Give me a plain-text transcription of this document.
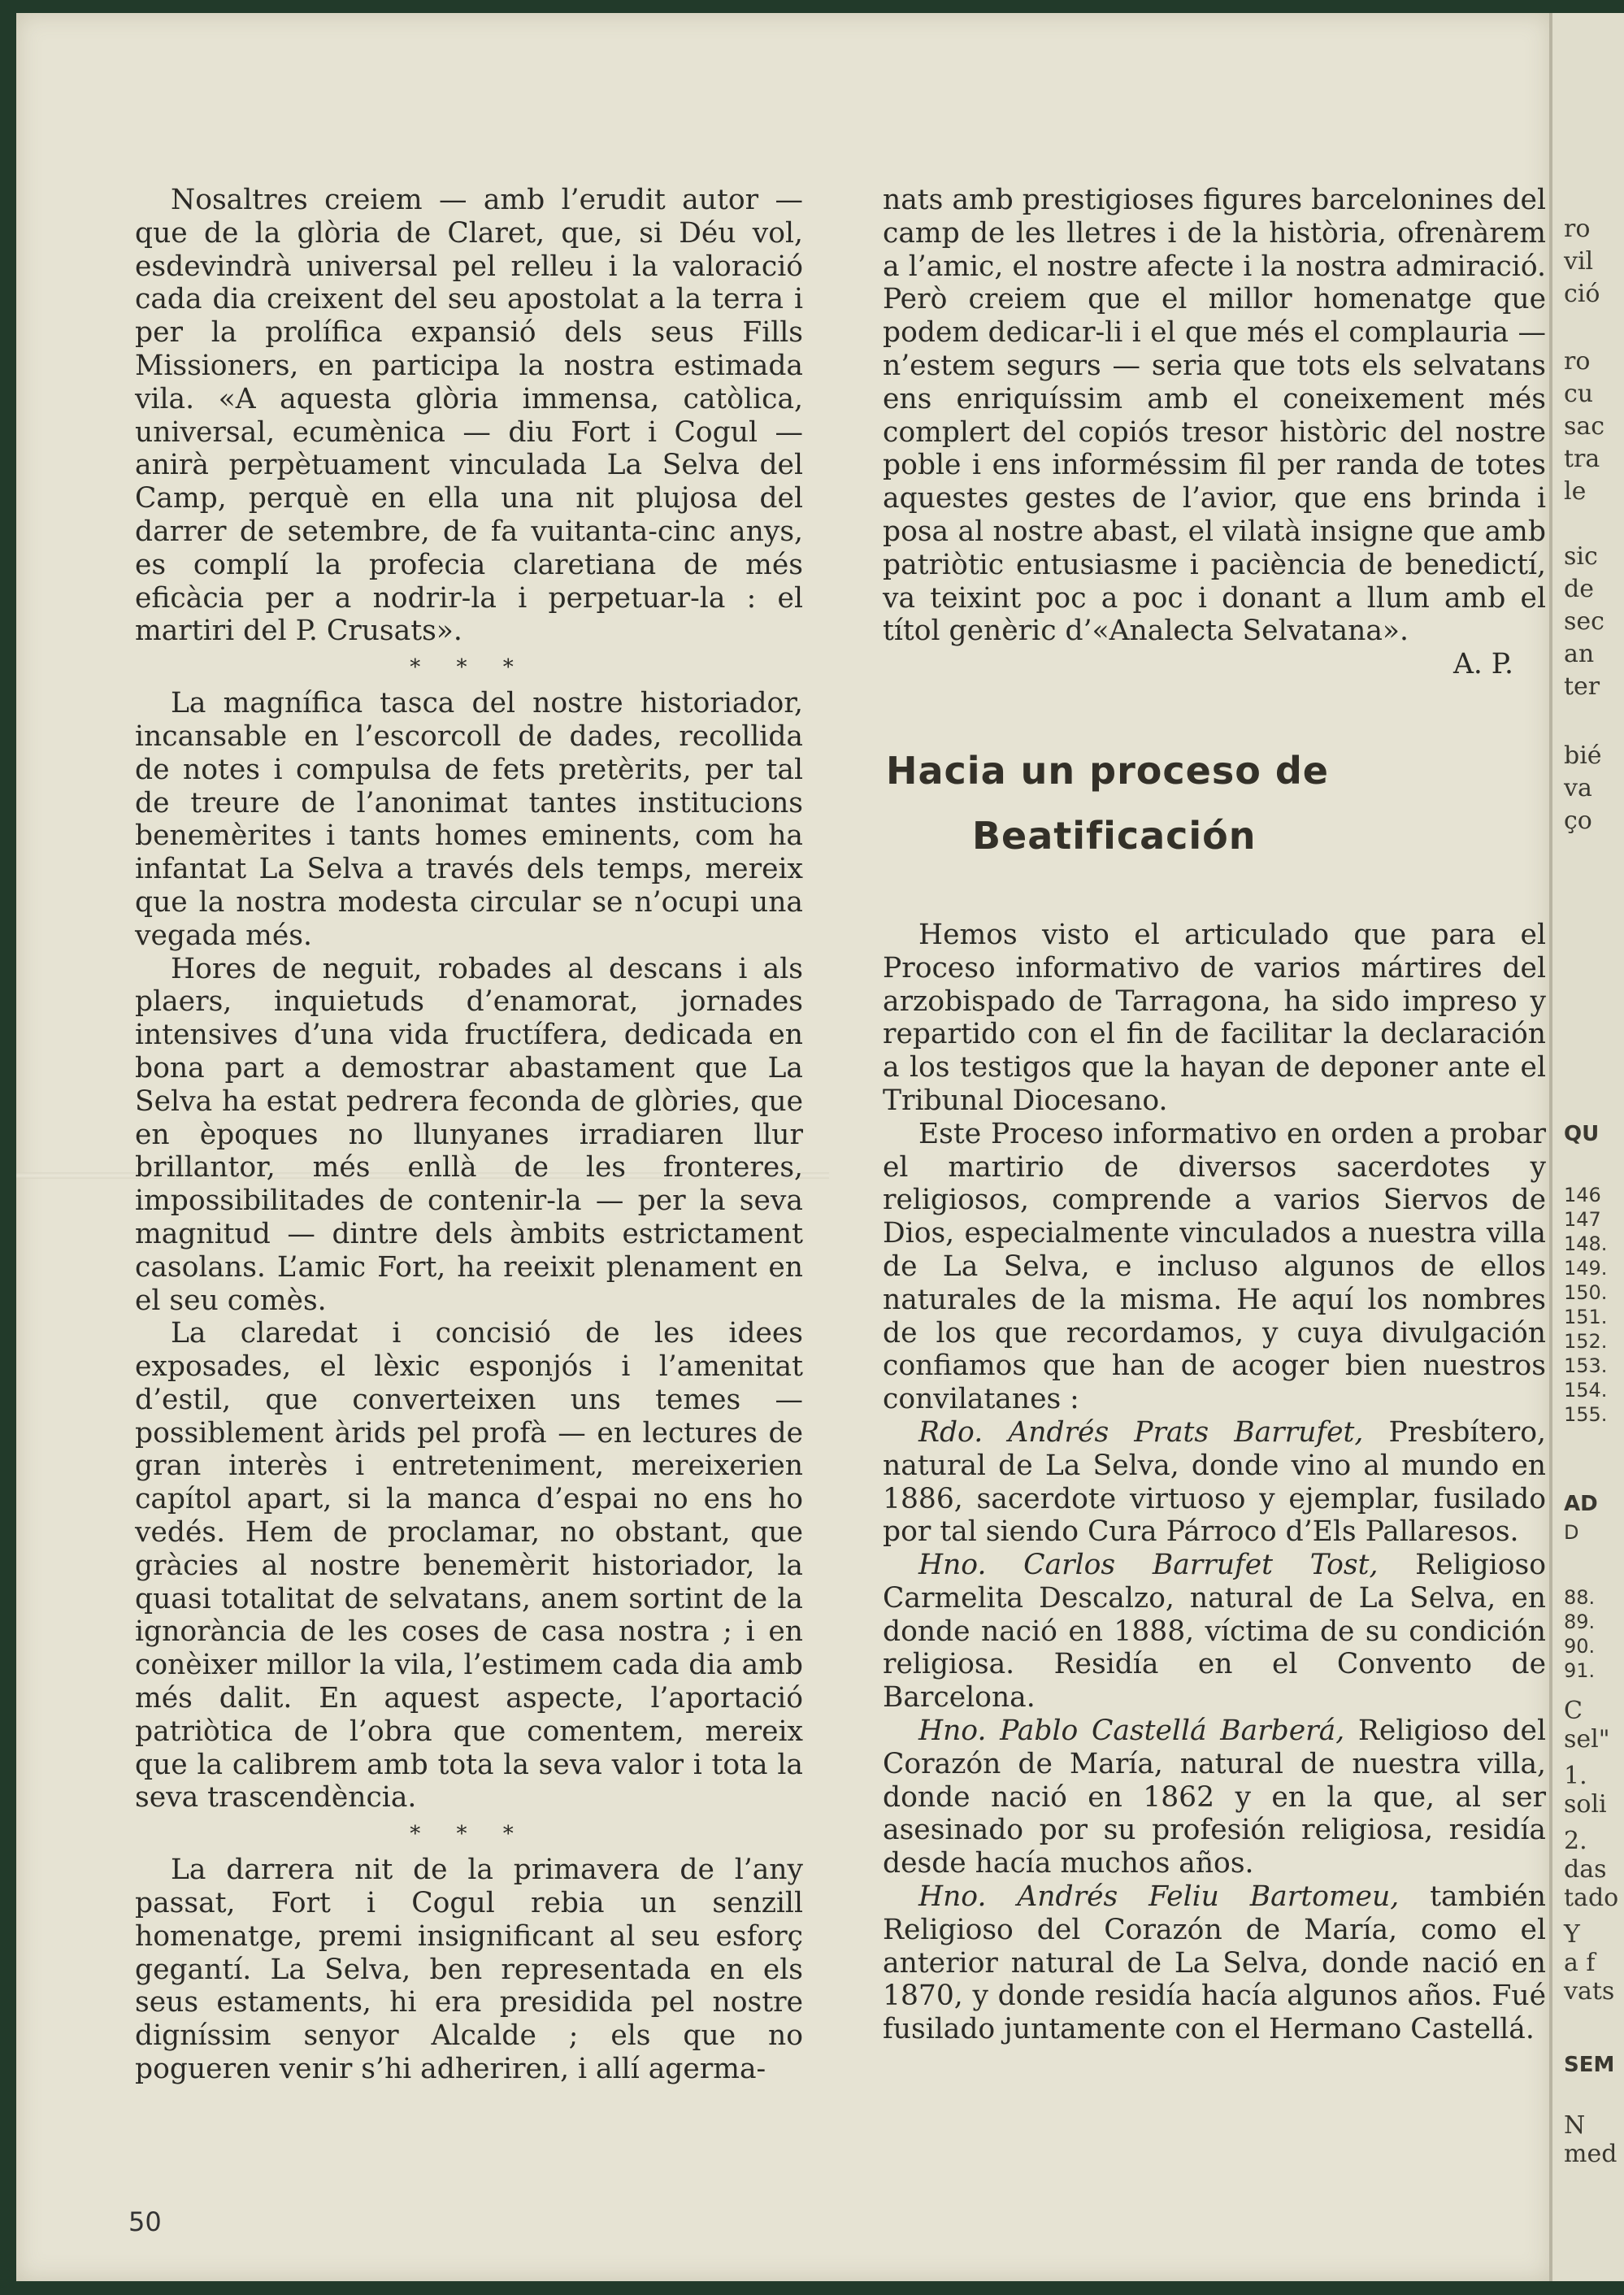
Nosaltres creiem — amb l’erudit autor — que de la glòria de Claret, que, si Déu vol, esdevindrà universal pel relleu i la valoració cada dia creixent del seu apostolat a la terra i per la prolífica expansió dels seus Fills Missioners, en participa la nostra estimada vila. «A aquesta glòria immensa, catòlica, universal, ecumènica — diu Fort i Cogul — anirà perpètuament vinculada La Selva del Camp, perquè en ella una nit plujosa del darrer de setembre, de fa vuitanta-cinc anys, es complí la profecia claretiana de més eficàcia per a nodrir-la i perpetuar-la : el martiri del P. Crusats».

* * *

La magnífica tasca del nostre historiador, incansable en l’escorcoll de dades, recollida de notes i compulsa de fets pretèrits, per tal de treure de l’anonimat tantes institucions benemèrites i tants homes eminents, com ha infantat La Selva a través dels temps, mereix que la nostra modesta circular se n’ocupi una vegada més.

Hores de neguit, robades al descans i als plaers, inquietuds d’enamorat, jornades intensives d’una vida fructífera, dedicada en bona part a demostrar abastament que La Selva ha estat pedrera feconda de glòries, que en èpoques no llunyanes irradiaren llur brillantor, més enllà de les fronteres, impossibilitades de contenir-la — per la seva magnitud — dintre dels àmbits estrictament casolans. L’amic Fort, ha reeixit plenament en el seu comès.

La claredat i concisió de les idees exposades, el lèxic esponjós i l’amenitat d’estil, que converteixen uns temes — possiblement àrids pel profà — en lectures de gran interès i entreteniment, mereixerien capítol apart, si la manca d’espai no ens ho vedés. Hem de proclamar, no obstant, que gràcies al nostre benemèrit historiador, la quasi totalitat de selvatans, anem sortint de la ignorància de les coses de casa nostra ; i en conèixer millor la vila, l’estimem cada dia amb més dalit. En aquest aspecte, l’aportació patriòtica de l’obra que comentem, mereix que la calibrem amb tota la seva valor i tota la seva trascendència.

* * *

La darrera nit de la primavera de l’any passat, Fort i Cogul rebia un senzill homenatge, premi insignificant al seu esforç gegantí. La Selva, ben representada en els seus estaments, hi era presidida pel nostre digníssim senyor Alcalde ; els que no pogueren venir s’hi adheriren, i allí agerma-

nats amb prestigioses figures barcelonines del camp de les lletres i de la història, ofrenàrem a l’amic, el nostre afecte i la nostra admiració. Però creiem que el millor homenatge que podem dedicar-li i el que més el complauria — n’estem segurs — seria que tots els selvatans ens enriquíssim amb el coneixement més complert del copiós tresor històric del nostre poble i ens informéssim fil per randa de totes aquestes gestes de l’avior, que ens brinda i posa al nostre abast, el vilatà insigne que amb patriòtic entusiasme i paciència de benedictí, va teixint poc a poc i donant a llum amb el títol genèric d’«Analecta Selvatana».

A. P.
Hacia un proceso de
Beatificación

Hemos visto el articulado que para el Proceso informativo de varios mártires del arzobispado de Tarragona, ha sido impreso y repartido con el fin de facilitar la declaración a los testigos que la hayan de deponer ante el Tribunal Diocesano.

Este Proceso informativo en orden a probar el martirio de diversos sacerdotes y religiosos, comprende a varios Siervos de Dios, especialmente vinculados a nuestra villa de La Selva, e incluso algunos de ellos naturales de la misma. He aquí los nombres de los que recordamos, y cuya divulgación confiamos que han de acoger bien nuestros convilatanes :

Rdo. Andrés Prats Barrufet, Presbítero, natural de La Selva, donde vino al mundo en 1886, sacerdote virtuoso y ejemplar, fusilado por tal siendo Cura Párroco d’Els Pallaresos.

Hno. Carlos Barrufet Tost, Religioso Carmelita Descalzo, natural de La Selva, en donde nació en 1888, víctima de su condición religiosa. Residía en el Convento de Barcelona.

Hno. Pablo Castellá Barberá, Religioso del Corazón de María, natural de nuestra villa, donde nació en 1862 y en la que, al ser asesinado por su profesión religiosa, residía desde hacía muchos años.

Hno. Andrés Feliu Bartomeu, también Religioso del Corazón de María, como el anterior natural de La Selva, donde nació en 1870, y donde residía hacía algunos años. Fué fusilado juntamente con el Hermano Castellá.

50
ro
vil
ció
ro
cu
sac
tra
le
sic
de
sec
an
ter
bié
va
ço
QU
146
147
148.
149.
150.
151.
152.
153.
154.
155.
AD
D
88.
89.
90.
91.
C
sel"
1.
soli
2.
das
tado
Y
a f
vats
SEM
N
med
